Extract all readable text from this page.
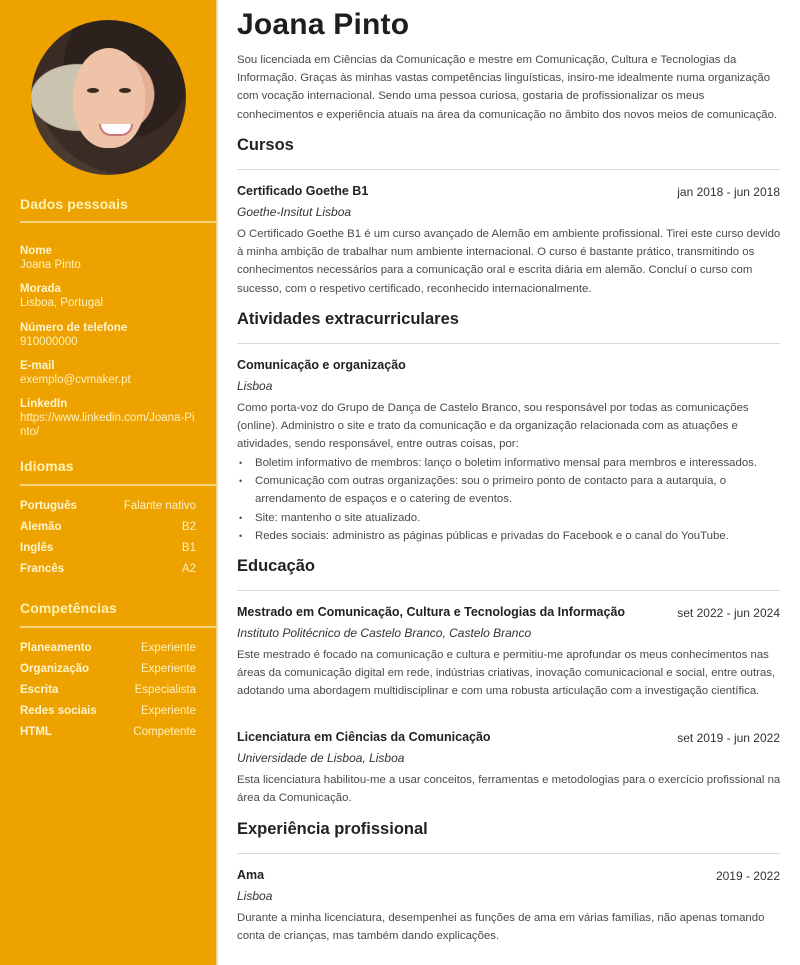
Dados pessoais
Nome
Joana Pinto
Morada
Lisboa, Portugal
Número de telefone
910000000
E-mail
exemplo@cvmaker.pt
LinkedIn
https://www.linkedin.com/Joana-Pinto/
Idiomas
Português	Falante nativo
Alemão	B2
Inglês	B1
Francês	A2
Competências
Planeamento	Experiente
Organização	Experiente
Escrita	Especialista
Redes sociais	Experiente
HTML	Competente
Joana Pinto

Sou licenciada em Ciências da Comunicação e mestre em Comunicação, Cultura e Tecnologias da Informação. Graças às minhas vastas competências linguísticas, insiro-me idealmente numa organização com vocação internacional. Sendo uma pessoa curiosa, gostaria de profissionalizar os meus conhecimentos e experiência atuais na área da comunicação no âmbito dos novos meios de comunicação.

Cursos
Certificado Goethe B1	jan 2018 - jun 2018
Goethe-Insitut Lisboa

O Certificado Goethe B1 é um curso avançado de Alemão em ambiente profissional. Tirei este curso devido à minha ambição de trabalhar num ambiente internacional. O curso é bastante prático, transmitindo os conhecimentos necessários para a comunicação oral e escrita diária em alemão. Concluí o curso com sucesso, com o respetivo certificado, reconhecido internacionalmente.

Atividades extracurriculares
Comunicação e organização
Lisboa

Como porta-voz do Grupo de Dança de Castelo Branco, sou responsável por todas as comunicações (online). Administro o site e trato da comunicação e da organização relacionada com as atuações e atividades, sendo responsável, entre outras coisas, por:

• Boletim informativo de membros: lanço o boletim informativo mensal para membros e interessados.
• Comunicação com outras organizações: sou o primeiro ponto de contacto para a autarquia, o arrendamento de espaços e o catering de eventos.
• Site: mantenho o site atualizado.
• Redes sociais: administro as páginas públicas e privadas do Facebook e o canal do YouTube.
Educação
Mestrado em Comunicação, Cultura e Tecnologias da Informação	set 2022 - jun 2024
Instituto Politécnico de Castelo Branco, Castelo Branco

Este mestrado é focado na comunicação e cultura e permitiu-me aprofundar os meus conhecimentos nas áreas da comunicação digital em rede, indústrias criativas, inovação comunicacional e social, entre outras, adotando uma abordagem multidisciplinar e com uma robusta articulação com a investigação científica.

Licenciatura em Ciências da Comunicação	set 2019 - jun 2022
Universidade de Lisboa, Lisboa

Esta licenciatura habilitou-me a usar conceitos, ferramentas e metodologias para o exercício profissional na área da Comunicação.

Experiência profissional
Ama	2019 - 2022
Lisboa

Durante a minha licenciatura, desempenhei as funções de ama em várias famílias, não apenas tomando conta de crianças, mas também dando explicações.
